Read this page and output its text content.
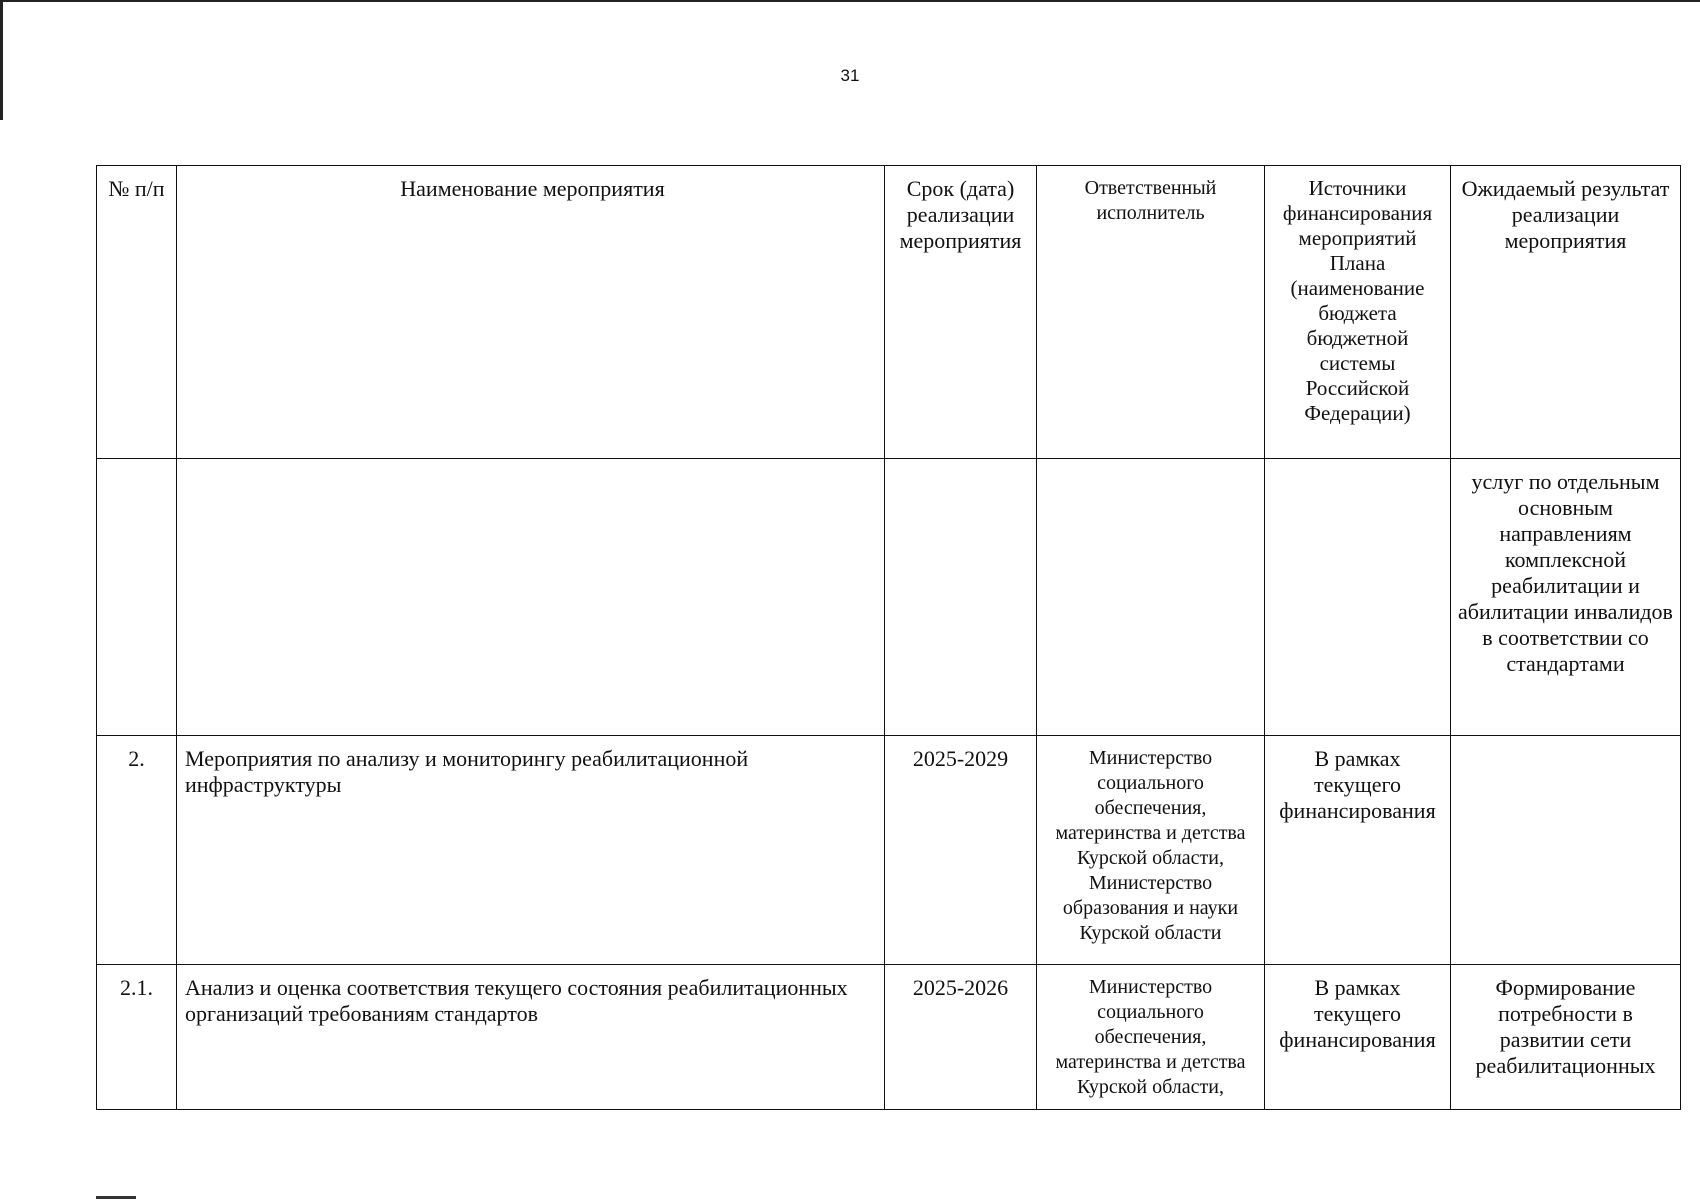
31
№ п/п	Наименование мероприятия	Срок (дата) реализации мероприятия	Ответственный исполнитель	Источники финансирования мероприятий Плана (наименование бюджета бюджетной системы Российской Федерации)	Ожидаемый результат реализации мероприятия
					услуг по отдельным основным направлениям комплексной реабилитации и абилитации инвалидов в соответствии со стандартами
2.	Мероприятия по анализу и мониторингу реабилитационной инфраструктуры	2025-2029	Министерство социального обеспечения, материнства и детства Курской области, Министерство образования и науки Курской области	В рамках текущего финансирования	
2.1.	Анализ и оценка соответствия текущего состояния реабилитационных организаций требованиям стандартов	2025-2026	Министерство социального обеспечения, материнства и детства Курской области,	В рамках текущего финансирования	Формирование потребности в развитии сети реабилитационных
